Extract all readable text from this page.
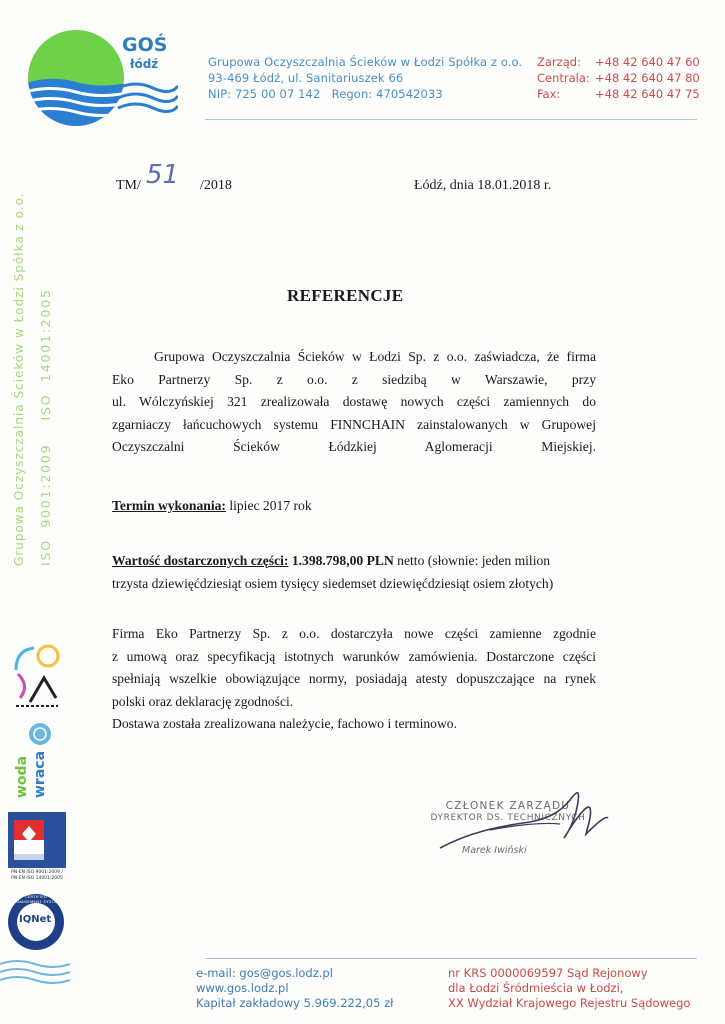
GOŚ
łódź	Grupowa Oczyszczalnia Ścieków w Łodzi Spółka z o.o.
93-469 Łódź, ul. Sanitariuszek 66
NIP: 725 00 07 142   Regon: 470542033
Zarząd: +48 42 640 47 60
Centrala: +48 42 640 47 80
Fax:	+48 42 640 47 75
TM/ 51 /2018	Łódź, dnia 18.01.2018 r.
REFERENCJE
Grupowa Oczyszczalnia Ścieków w Łodzi Sp. z o.o. zaświadcza, że firma
Eko Partnerzy Sp. z o.o. z siedzibą w Warszawie, przy
ul. Wólczyńskiej 321 zrealizowała dostawę nowych części zamiennych do
zgarniaczy łańcuchowych systemu FINNCHAIN zainstalowanych w Grupowej
Oczyszczalni Ścieków Łódzkiej Aglomeracji Miejskiej.
Termin wykonania: lipiec 2017 rok
Wartość dostarczonych części: 1.398.798,00 PLN netto (słownie: jeden milion
trzysta dziewięćdziesiąt osiem tysięcy siedemset dziewięćdziesiąt osiem złotych)
Firma Eko Partnerzy Sp. z o.o. dostarczyła nowe części zamienne zgodnie
z umową oraz specyfikacją istotnych warunków zamówienia. Dostarczone części
spełniają wszelkie obowiązujące normy, posiadają atesty dopuszczające na rynek
polski oraz deklarację zgodności.
Dostawa została zrealizowana należycie, fachowo i terminowo.
CZŁONEK ZARZĄDU
DYREKTOR DS. TECHNICZNYCH
Marek Iwiński
Grupowa Oczyszczalnia Ścieków w Łodzi Spółka z o.o. ISO  9001:2009    ISO  14001:2005
woda wraca
PN-EN ISO 9001:2009 / PN-EN ISO 14001:2005
IQNet
CERTIFIED MANAGEMENT SYSTEM
e-mail: gos@gos.lodz.pl
www.gos.lodz.pl
Kapitał zakładowy 5.969.222,05 zł
nr KRS 0000069597 Sąd Rejonowy
dla Łodzi Śródmieścia w Łodzi,
XX Wydział Krajowego Rejestru Sądowego
